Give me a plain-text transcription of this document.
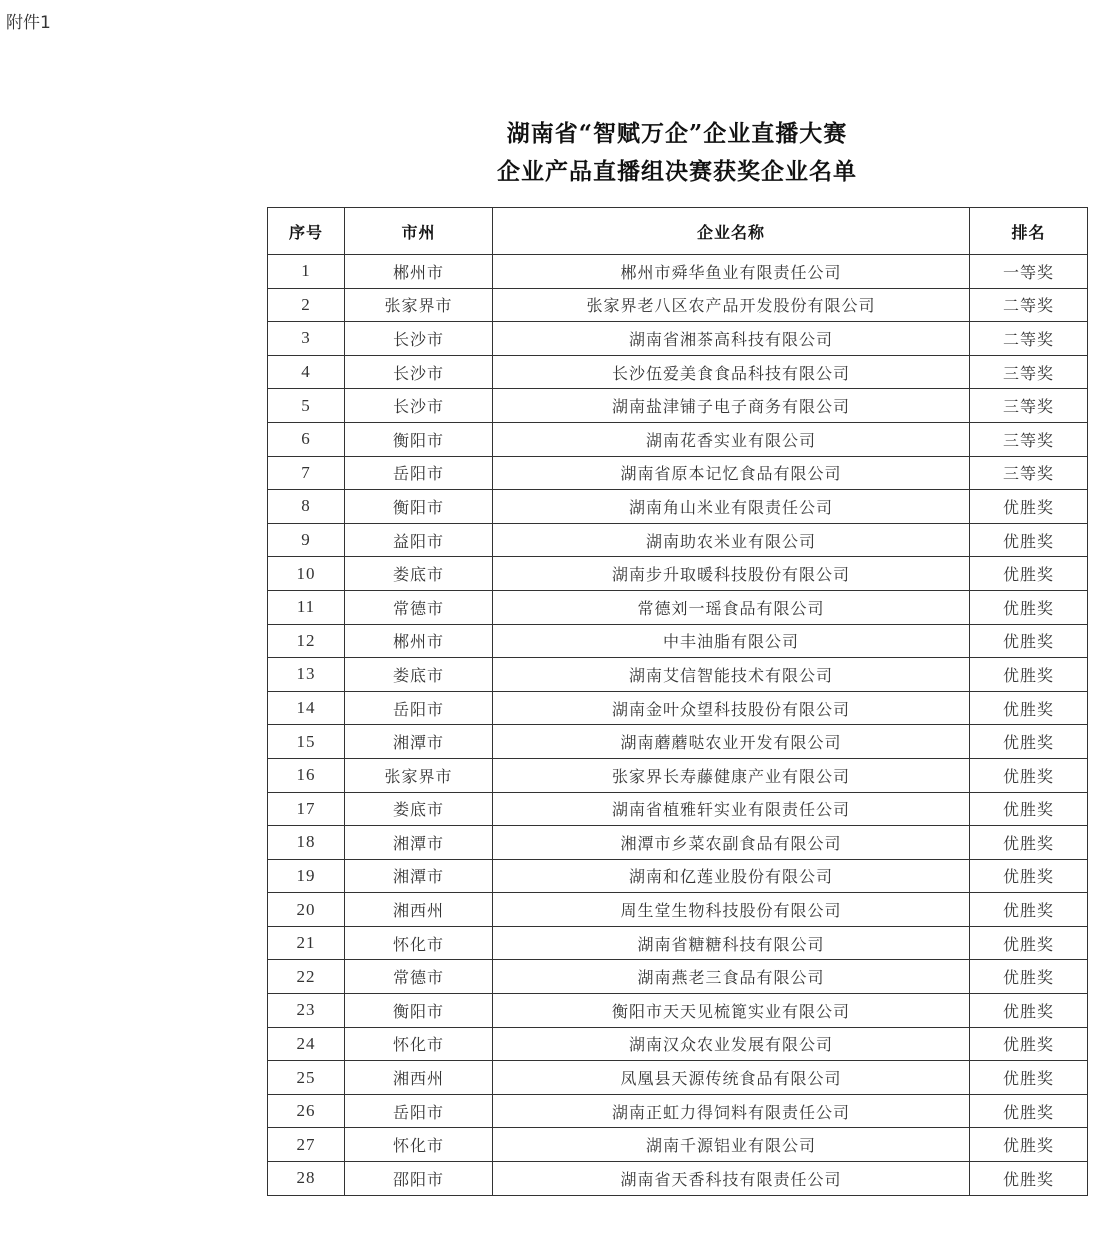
附件1
湖南省“智赋万企”企业直播大赛
企业产品直播组决赛获奖企业名单
序号	市州	企业名称	排名
1	郴州市	郴州市舜华鱼业有限责任公司	一等奖
2	张家界市	张家界老八区农产品开发股份有限公司	二等奖
3	长沙市	湖南省湘茶高科技有限公司	二等奖
4	长沙市	长沙伍爱美食食品科技有限公司	三等奖
5	长沙市	湖南盐津铺子电子商务有限公司	三等奖
6	衡阳市	湖南花香实业有限公司	三等奖
7	岳阳市	湖南省原本记忆食品有限公司	三等奖
8	衡阳市	湖南角山米业有限责任公司	优胜奖
9	益阳市	湖南助农米业有限公司	优胜奖
10	娄底市	湖南步升取暖科技股份有限公司	优胜奖
11	常德市	常德刘一瑶食品有限公司	优胜奖
12	郴州市	中丰油脂有限公司	优胜奖
13	娄底市	湖南艾信智能技术有限公司	优胜奖
14	岳阳市	湖南金叶众望科技股份有限公司	优胜奖
15	湘潭市	湖南蘑蘑哒农业开发有限公司	优胜奖
16	张家界市	张家界长寿藤健康产业有限公司	优胜奖
17	娄底市	湖南省植雅轩实业有限责任公司	优胜奖
18	湘潭市	湘潭市乡菜农副食品有限公司	优胜奖
19	湘潭市	湖南和亿莲业股份有限公司	优胜奖
20	湘西州	周生堂生物科技股份有限公司	优胜奖
21	怀化市	湖南省糖糖科技有限公司	优胜奖
22	常德市	湖南燕老三食品有限公司	优胜奖
23	衡阳市	衡阳市天天见梳篦实业有限公司	优胜奖
24	怀化市	湖南汉众农业发展有限公司	优胜奖
25	湘西州	凤凰县天源传统食品有限公司	优胜奖
26	岳阳市	湖南正虹力得饲料有限责任公司	优胜奖
27	怀化市	湖南千源铝业有限公司	优胜奖
28	邵阳市	湖南省天香科技有限责任公司	优胜奖
